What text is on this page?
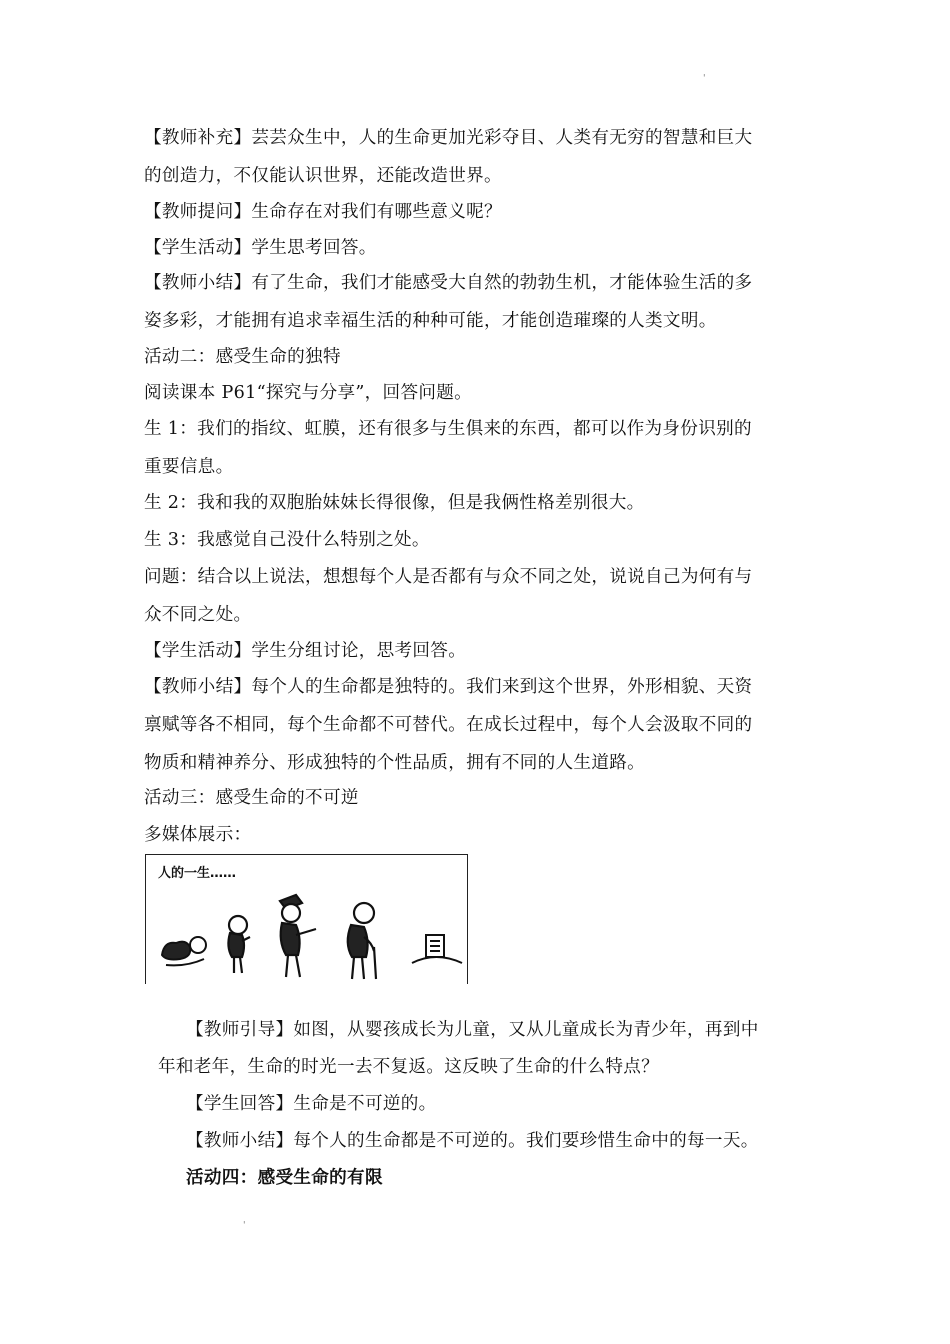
'

【教师补充】芸芸众生中，人的生命更加光彩夺目、人类有无穷的智慧和巨大
的创造力，不仅能认识世界，还能改造世界。

【教师提问】生命存在对我们有哪些意义呢？

【学生活动】学生思考回答。

【教师小结】有了生命，我们才能感受大自然的勃勃生机，才能体验生活的多
姿多彩，才能拥有追求幸福生活的种种可能，才能创造璀璨的人类文明。

活动二：感受生命的独特

阅读课本 P61“探究与分享”，回答问题。

生 1：我们的指纹、虹膜，还有很多与生俱来的东西，都可以作为身份识别的
重要信息。

生 2：我和我的双胞胎妹妹长得很像，但是我俩性格差别很大。

生 3：我感觉自己没什么特别之处。

问题：结合以上说法，想想每个人是否都有与众不同之处，说说自己为何有与
众不同之处。

【学生活动】学生分组讨论，思考回答。

【教师小结】每个人的生命都是独特的。我们来到这个世界，外形相貌、天资
禀赋等各不相同，每个生命都不可替代。在成长过程中，每个人会汲取不同的
物质和精神养分、形成独特的个性品质，拥有不同的人生道路。

活动三：感受生命的不可逆

多媒体展示：

人的一生……

【教师引导】如图，从婴孩成长为儿童，又从儿童成长为青少年，再到中

年和老年，生命的时光一去不复返。这反映了生命的什么特点？

【学生回答】生命是不可逆的。

【教师小结】每个人的生命都是不可逆的。我们要珍惜生命中的每一天。

活动四：感受生命的有限

'
